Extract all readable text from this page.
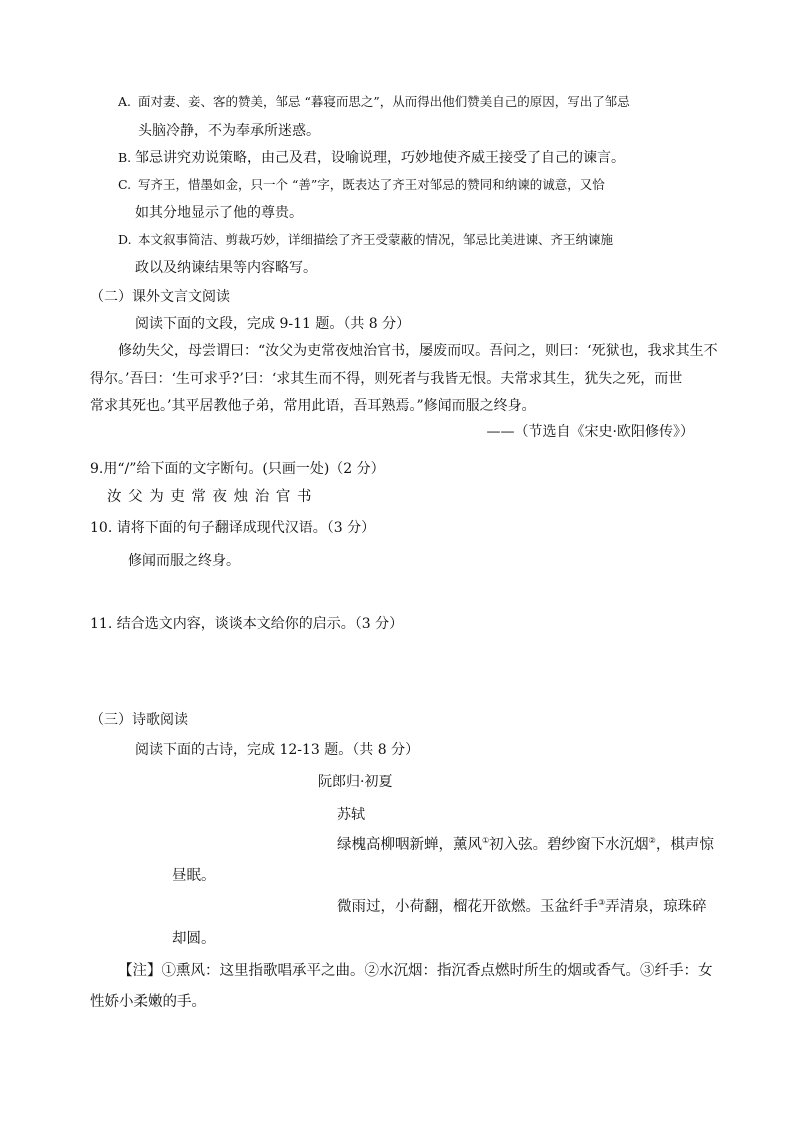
A. 面对妻、妾、客的赞美，邹忌 “暮寝而思之”，从而得出他们赞美自己的原因，写出了邹忌
头脑冷静，不为奉承所迷惑。
B. 邹忌讲究劝说策略，由己及君，设喻说理，巧妙地使齐威王接受了自己的谏言。
C. 写齐王，惜墨如金，只一个 “善”字，既表达了齐王对邹忌的赞同和纳谏的诚意，又恰
如其分地显示了他的尊贵。
D. 本文叙事简洁、剪裁巧妙，详细描绘了齐王受蒙蔽的情况，邹忌比美进谏、齐王纳谏施
政以及纳谏结果等内容略写。
（二）课外文言文阅读
阅读下面的文段，完成 9-11 题。（共 8 分）
修幼失父，母尝谓曰：“汝父为吏常夜烛治官书，屡废而叹。吾问之，则曰：‘死狱也，我求其生不
得尔。’吾曰：‘生可求乎?’曰：‘求其生而不得，则死者与我皆无恨。夫常求其生，犹失之死，而世
常求其死也。’其平居教他子弟，常用此语，吾耳熟焉。”修闻而服之终身。
——（节选自《宋史·欧阳修传》）
9.用“/”给下面的文字断句。(只画一处)（2 分）
汝 父 为 吏 常 夜 烛 治 官 书
10. 请将下面的句子翻译成现代汉语。（3 分）
修闻而服之终身。
11. 结合选文内容，谈谈本文给你的启示。（3 分）
（三）诗歌阅读
阅读下面的古诗，完成 12-13 题。（共 8 分）
阮郎归·初夏
苏轼
绿槐高柳咽新蝉，薰风①初入弦。碧纱窗下水沉烟②，棋声惊
昼眠。
微雨过，小荷翻，榴花开欲燃。玉盆纤手③弄清泉，琼珠碎
却圆。
【注】①熏风：这里指歌唱承平之曲。②水沉烟：指沉香点燃时所生的烟或香气。③纤手：女
性娇小柔嫩的手。
